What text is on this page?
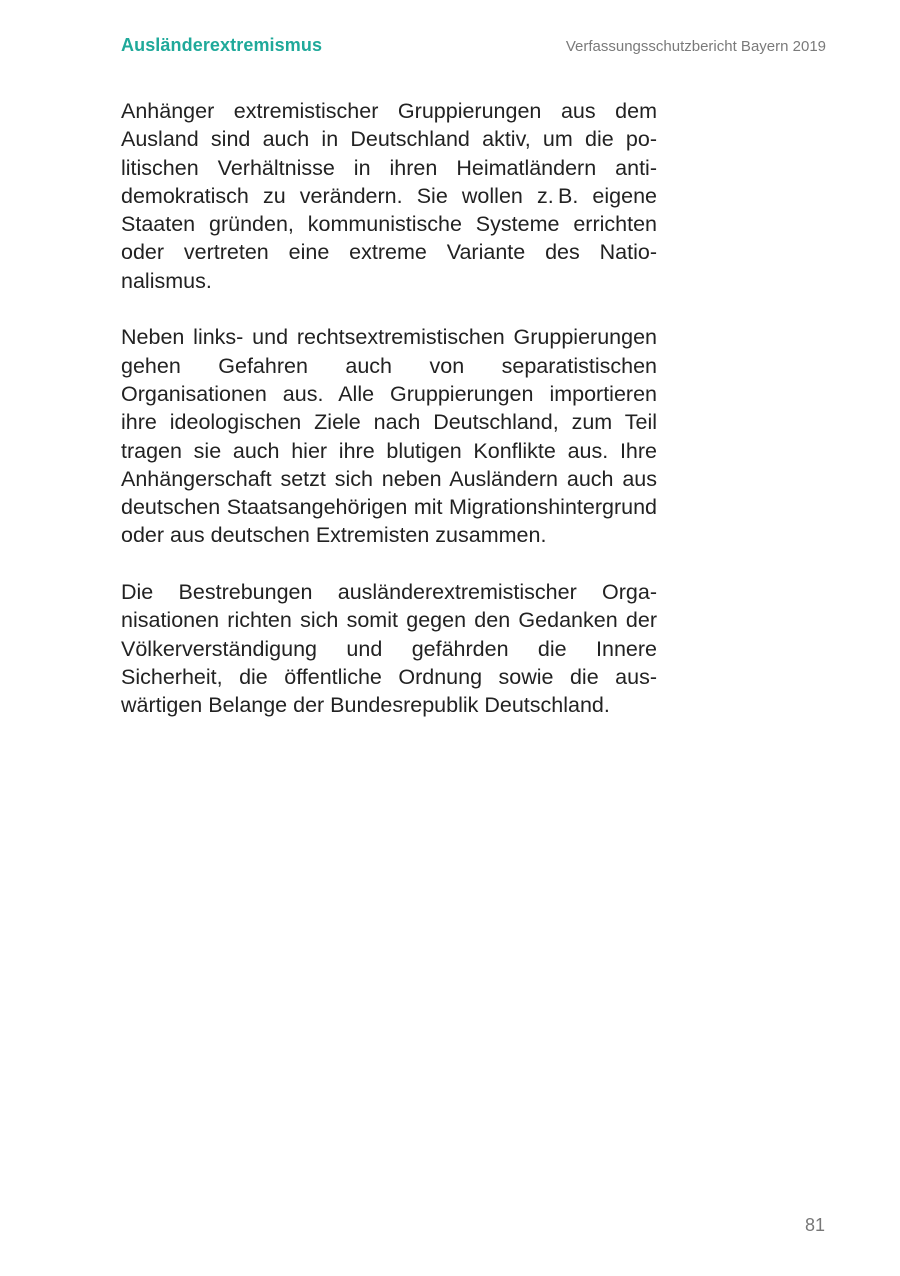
Ausländerextremismus	Verfassungsschutzbericht Bayern 2019

Anhänger extremistischer Gruppierungen aus dem Ausland sind auch in Deutschland aktiv, um die politischen Verhältnisse in ihren Heimatländern antidemokratisch zu verändern. Sie wollen z. B. eigene Staaten gründen, kommunistische Systeme errichten oder vertreten eine extreme Variante des Nationalismus.

Neben links- und rechtsextremistischen Gruppierungen gehen Gefahren auch von separatistischen Organisationen aus. Alle Gruppierungen importieren ihre ideologischen Ziele nach Deutschland, zum Teil tragen sie auch hier ihre blutigen Konflikte aus. Ihre Anhängerschaft setzt sich neben Ausländern auch aus deutschen Staatsangehörigen mit Migrationshintergrund oder aus deutschen Extremisten zusammen.

Die Bestrebungen ausländerextremistischer Organisationen richten sich somit gegen den Gedanken der Völkerverständigung und gefährden die Innere Sicherheit, die öffentliche Ordnung sowie die auswärtigen Belange der Bundesrepublik Deutschland.

81
